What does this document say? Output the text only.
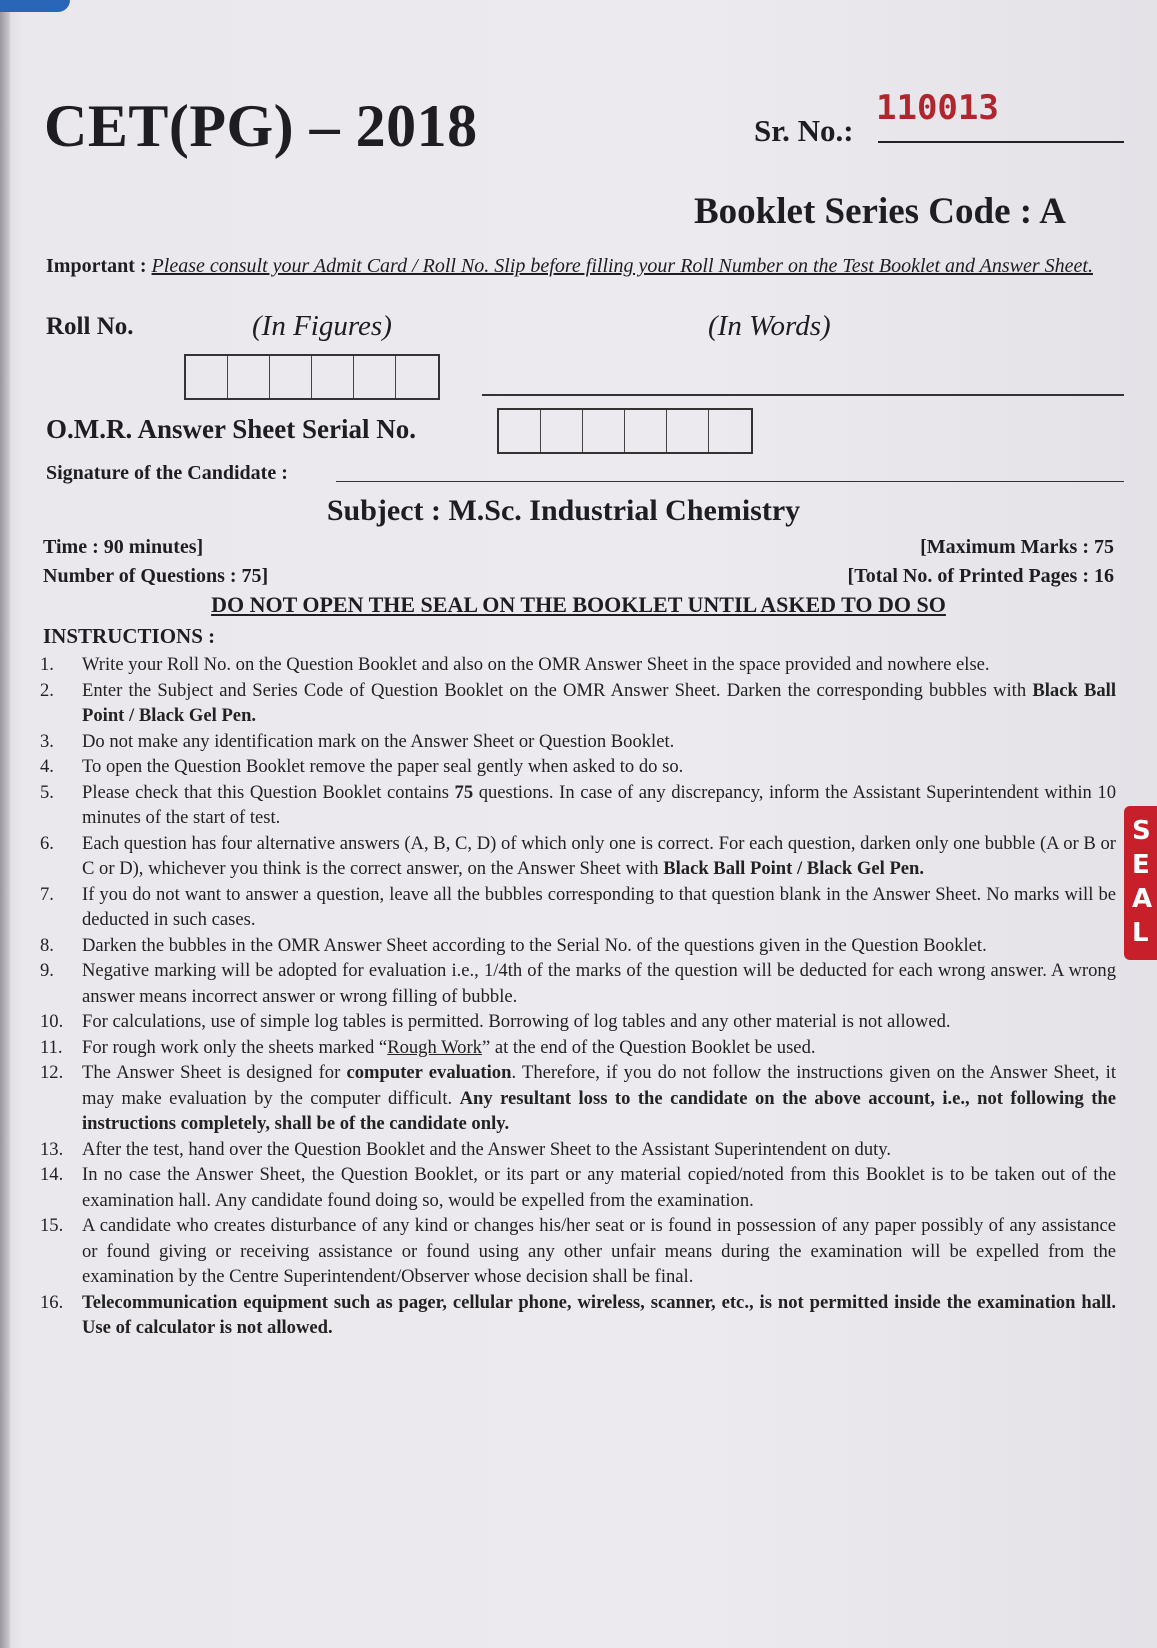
CET(PG) – 2018	Sr. No.:
110013
Booklet Series Code : A
Important : Please consult your Admit Card / Roll No. Slip before filling your Roll Number on the Test Booklet and Answer Sheet.
Roll No.	(In Figures)	(In Words)
O.M.R. Answer Sheet Serial No.
Signature of the Candidate :
Subject : M.Sc. Industrial Chemistry
Time : 90 minutes]	[Maximum Marks : 75
Number of Questions : 75]	[Total No. of Printed Pages : 16
DO NOT OPEN THE SEAL ON THE BOOKLET UNTIL ASKED TO DO SO
INSTRUCTIONS :
1.	Write your Roll No. on the Question Booklet and also on the OMR Answer Sheet in the space provided and nowhere else.
2.	Enter the Subject and Series Code of Question Booklet on the OMR Answer Sheet. Darken the corresponding bubbles with Black Ball Point / Black Gel Pen.
3.	Do not make any identification mark on the Answer Sheet or Question Booklet.
4.	To open the Question Booklet remove the paper seal gently when asked to do so.
5.	Please check that this Question Booklet contains 75 questions. In case of any discrepancy, inform the Assistant Superintendent within 10 minutes of the start of test.
6.	Each question has four alternative answers (A, B, C, D) of which only one is correct. For each question, darken only one bubble (A or B or C or D), whichever you think is the correct answer, on the Answer Sheet with Black Ball Point / Black Gel Pen.
7.	If you do not want to answer a question, leave all the bubbles corresponding to that question blank in the Answer Sheet. No marks will be deducted in such cases.
8.	Darken the bubbles in the OMR Answer Sheet according to the Serial No. of the questions given in the Question Booklet.
9.	Negative marking will be adopted for evaluation i.e., 1/4th of the marks of the question will be deducted for each wrong answer. A wrong answer means incorrect answer or wrong filling of bubble.
10.	For calculations, use of simple log tables is permitted. Borrowing of log tables and any other material is not allowed.
11.	For rough work only the sheets marked “Rough Work” at the end of the Question Booklet be used.
12.	The Answer Sheet is designed for computer evaluation. Therefore, if you do not follow the instructions given on the Answer Sheet, it may make evaluation by the computer difficult. Any resultant loss to the candidate on the above account, i.e., not following the instructions completely, shall be of the candidate only.
13.	After the test, hand over the Question Booklet and the Answer Sheet to the Assistant Superintendent on duty.
14.	In no case the Answer Sheet, the Question Booklet, or its part or any material copied/noted from this Booklet is to be taken out of the examination hall. Any candidate found doing so, would be expelled from the examination.
15.	A candidate who creates disturbance of any kind or changes his/her seat or is found in possession of any paper possibly of any assistance or found giving or receiving assistance or found using any other unfair means during the examination will be expelled from the examination by the Centre Superintendent/Observer whose decision shall be final.
16.	Telecommunication equipment such as pager, cellular phone, wireless, scanner, etc., is not permitted inside the examination hall. Use of calculator is not allowed.
SEAL
